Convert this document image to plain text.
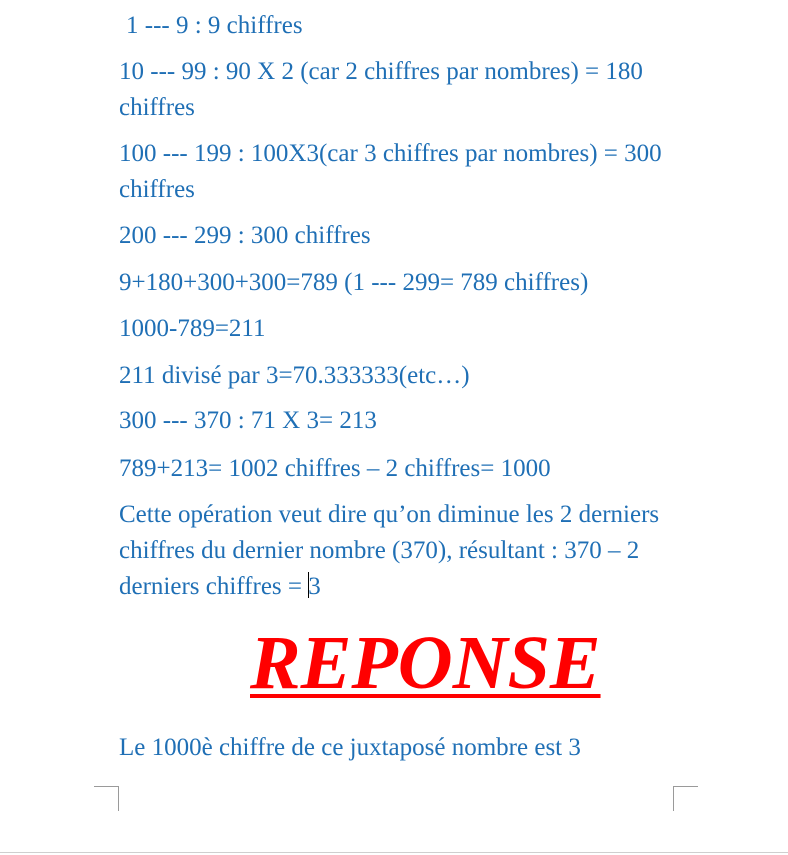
1 --- 9 : 9 chiffres
10 --- 99 : 90 X 2 (car 2 chiffres par nombres) = 180 chiffres
100 --- 199 : 100X3(car 3 chiffres par nombres) = 300 chiffres
200 --- 299 : 300 chiffres
9+180+300+300=789 (1 --- 299= 789 chiffres)
1000-789=211
211 divisé par 3=70.333333(etc…)
300 --- 370 : 71 X 3= 213
789+213= 1002 chiffres – 2 chiffres= 1000
Cette opération veut dire qu’on diminue les 2 derniers chiffres du dernier nombre (370), résultant : 370 – 2 derniers chiffres = 3
REPONSE
Le 1000è chiffre de ce juxtaposé nombre est 3
